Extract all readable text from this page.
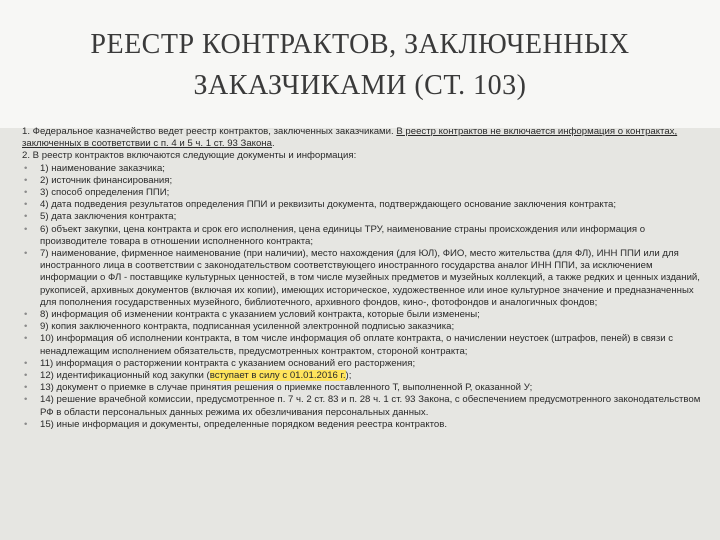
РЕЕСТР КОНТРАКТОВ, ЗАКЛЮЧЕННЫХ
ЗАКАЗЧИКАМИ (СТ. 103)

1. Федеральное казначейство ведет реестр контрактов, заключенных заказчиками. В реестр контрактов не включается информация о контрактах, заключенных в соответствии с п. 4 и 5 ч. 1 ст. 93 Закона.

2. В реестр контрактов включаются следующие документы и информация:

• 1) наименование заказчика;
• 2) источник финансирования;
• 3) способ определения ППИ;
• 4) дата подведения результатов определения ППИ и реквизиты документа, подтверждающего основание заключения контракта;
• 5) дата заключения контракта;
• 6) объект закупки, цена контракта и срок его исполнения, цена единицы ТРУ, наименование страны происхождения или информация о производителе товара в отношении исполненного контракта;
• 7) наименование, фирменное наименование (при наличии), место нахождения (для ЮЛ), ФИО, место жительства (для ФЛ), ИНН ППИ или для иностранного лица в соответствии с законодательством соответствующего иностранного государства аналог ИНН ППИ, за исключением информации о ФЛ - поставщике культурных ценностей, в том числе музейных предметов и музейных коллекций, а также редких и ценных изданий, рукописей, архивных документов (включая их копии), имеющих историческое, художественное или иное культурное значение и предназначенных для пополнения государственных музейного, библиотечного, архивного фондов, кино-, фотофондов и аналогичных фондов;
• 8) информация об изменении контракта с указанием условий контракта, которые были изменены;
• 9) копия заключенного контракта, подписанная усиленной электронной подписью заказчика;
• 10) информация об исполнении контракта, в том числе информация об оплате контракта, о начислении неустоек (штрафов, пеней) в связи с ненадлежащим исполнением обязательств, предусмотренных контрактом, стороной контракта;
• 11) информация о расторжении контракта с указанием оснований его расторжения;
• 12) идентификационный код закупки (вступает в силу с 01.01.2016 г.);
• 13) документ о приемке в случае принятия решения о приемке поставленного Т, выполненной Р, оказанной У;
• 14) решение врачебной комиссии, предусмотренное п. 7 ч. 2 ст. 83 и п. 28 ч. 1 ст. 93 Закона, с обеспечением предусмотренного законодательством РФ в области персональных данных режима их обезличивания персональных данных.
• 15) иные информация и документы, определенные порядком ведения реестра контрактов.
